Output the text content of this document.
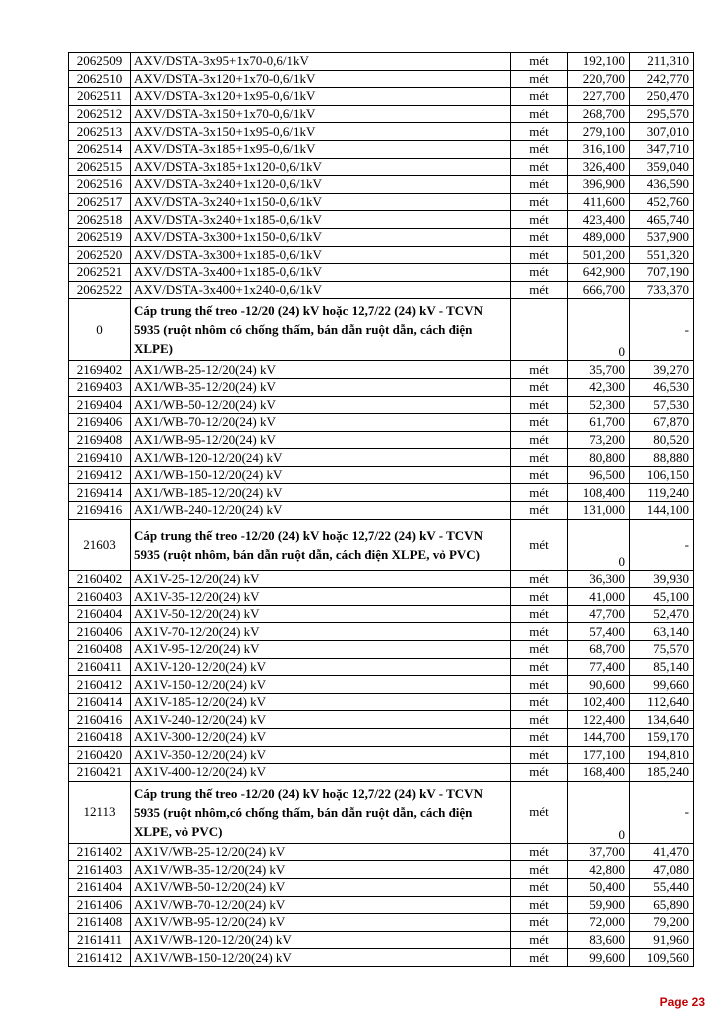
2062509	AXV/DSTA-3x95+1x70-0,6/1kV	mét	192,100	211,310
2062510	AXV/DSTA-3x120+1x70-0,6/1kV	mét	220,700	242,770
2062511	AXV/DSTA-3x120+1x95-0,6/1kV	mét	227,700	250,470
2062512	AXV/DSTA-3x150+1x70-0,6/1kV	mét	268,700	295,570
2062513	AXV/DSTA-3x150+1x95-0,6/1kV	mét	279,100	307,010
2062514	AXV/DSTA-3x185+1x95-0,6/1kV	mét	316,100	347,710
2062515	AXV/DSTA-3x185+1x120-0,6/1kV	mét	326,400	359,040
2062516	AXV/DSTA-3x240+1x120-0,6/1kV	mét	396,900	436,590
2062517	AXV/DSTA-3x240+1x150-0,6/1kV	mét	411,600	452,760
2062518	AXV/DSTA-3x240+1x185-0,6/1kV	mét	423,400	465,740
2062519	AXV/DSTA-3x300+1x150-0,6/1kV	mét	489,000	537,900
2062520	AXV/DSTA-3x300+1x185-0,6/1kV	mét	501,200	551,320
2062521	AXV/DSTA-3x400+1x185-0,6/1kV	mét	642,900	707,190
2062522	AXV/DSTA-3x400+1x240-0,6/1kV	mét	666,700	733,370
0	Cáp trung thế treo -12/20 (24) kV hoặc 12,7/22 (24) kV - TCVN 5935 (ruột nhôm có chống thấm, bán dẫn ruột dẫn, cách điện XLPE)		0	-
2169402	AX1/WB-25-12/20(24) kV	mét	35,700	39,270
2169403	AX1/WB-35-12/20(24) kV	mét	42,300	46,530
2169404	AX1/WB-50-12/20(24) kV	mét	52,300	57,530
2169406	AX1/WB-70-12/20(24) kV	mét	61,700	67,870
2169408	AX1/WB-95-12/20(24) kV	mét	73,200	80,520
2169410	AX1/WB-120-12/20(24) kV	mét	80,800	88,880
2169412	AX1/WB-150-12/20(24) kV	mét	96,500	106,150
2169414	AX1/WB-185-12/20(24) kV	mét	108,400	119,240
2169416	AX1/WB-240-12/20(24) kV	mét	131,000	144,100
21603	Cáp trung thế treo -12/20 (24) kV hoặc 12,7/22 (24) kV - TCVN 5935 (ruột nhôm, bán dẫn ruột dẫn, cách điện XLPE, vỏ PVC)	mét	0	-
2160402	AX1V-25-12/20(24) kV	mét	36,300	39,930
2160403	AX1V-35-12/20(24) kV	mét	41,000	45,100
2160404	AX1V-50-12/20(24) kV	mét	47,700	52,470
2160406	AX1V-70-12/20(24) kV	mét	57,400	63,140
2160408	AX1V-95-12/20(24) kV	mét	68,700	75,570
2160411	AX1V-120-12/20(24) kV	mét	77,400	85,140
2160412	AX1V-150-12/20(24) kV	mét	90,600	99,660
2160414	AX1V-185-12/20(24) kV	mét	102,400	112,640
2160416	AX1V-240-12/20(24) kV	mét	122,400	134,640
2160418	AX1V-300-12/20(24) kV	mét	144,700	159,170
2160420	AX1V-350-12/20(24) kV	mét	177,100	194,810
2160421	AX1V-400-12/20(24) kV	mét	168,400	185,240
12113	Cáp trung thế treo -12/20 (24) kV hoặc 12,7/22 (24) kV - TCVN 5935 (ruột nhôm,có chống thấm, bán dẫn ruột dẫn, cách điện XLPE, vỏ PVC)	mét	0	-
2161402	AX1V/WB-25-12/20(24) kV	mét	37,700	41,470
2161403	AX1V/WB-35-12/20(24) kV	mét	42,800	47,080
2161404	AX1V/WB-50-12/20(24) kV	mét	50,400	55,440
2161406	AX1V/WB-70-12/20(24) kV	mét	59,900	65,890
2161408	AX1V/WB-95-12/20(24) kV	mét	72,000	79,200
2161411	AX1V/WB-120-12/20(24) kV	mét	83,600	91,960
2161412	AX1V/WB-150-12/20(24) kV	mét	99,600	109,560
Page 23
